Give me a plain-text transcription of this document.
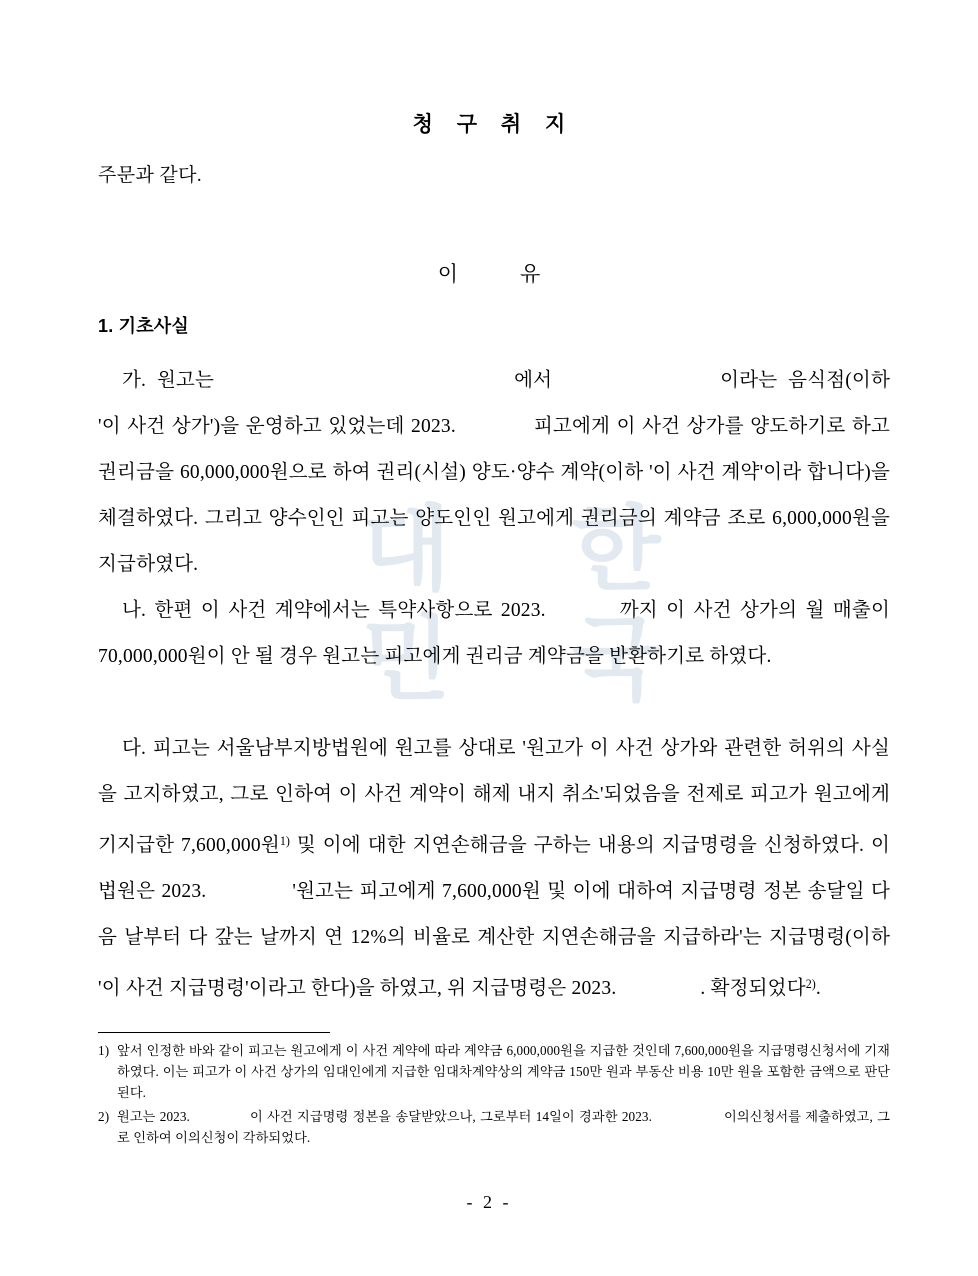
대 한
민 국
청 구 취 지
주문과 같다.
이	유
1. 기초사실

가. 원고는	에서	이라는 음식점(이하 '이 사건 상가')을 운영하고 있었는데 2023.	피고에게 이 사건 상가를 양도하기로 하고 권리금을 60,000,000원으로 하여 권리(시설) 양도·양수 계약(이하 '이 사건 계약'이라 합니다)을 체결하였다. 그리고 양수인인 피고는 양도인인 원고에게 권리금의 계약금 조로 6,000,000원을 지급하였다.

나. 한편 이 사건 계약에서는 특약사항으로 2023.	까지 이 사건 상가의 월 매출이 70,000,000원이 안 될 경우 원고는 피고에게 권리금 계약금을 반환하기로 하였다.

다. 피고는 서울남부지방법원에 원고를 상대로 '원고가 이 사건 상가와 관련한 허위의 사실을 고지하였고, 그로 인하여 이 사건 계약이 해제 내지 취소'되었음을 전제로 피고가 원고에게 기지급한 7,600,000원$^{1)}$ 및 이에 대한 지연손해금을 구하는 내용의 지급명령을 신청하였다. 이 법원은 2023.	'원고는 피고에게 7,600,000원 및 이에 대하여 지급명령 정본 송달일 다음 날부터 다 갚는 날까지 연 12%의 비율로 계산한 지연손해금을 지급하라'는 지급명령(이하 '이 사건 지급명령'이라고 한다)을 하였고, 위 지급명령은 2023.	. 확정되었다$^{2)}$.

1) 앞서 인정한 바와 같이 피고는 원고에게 이 사건 계약에 따라 계약금 6,000,000원을 지급한 것인데 7,600,000원을 지급명령신청서에 기재하였다. 이는 피고가 이 사건 상가의 임대인에게 지급한 임대차계약상의 계약금 150만 원과 부동산 비용 10만 원을 포함한 금액으로 판단된다.
2) 원고는 2023.	이 사건 지급명령 정본을 송달받았으나, 그로부터 14일이 경과한 2023.	이의신청서를 제출하였고, 그로 인하여 이의신청이 각하되었다.
- 2 -
